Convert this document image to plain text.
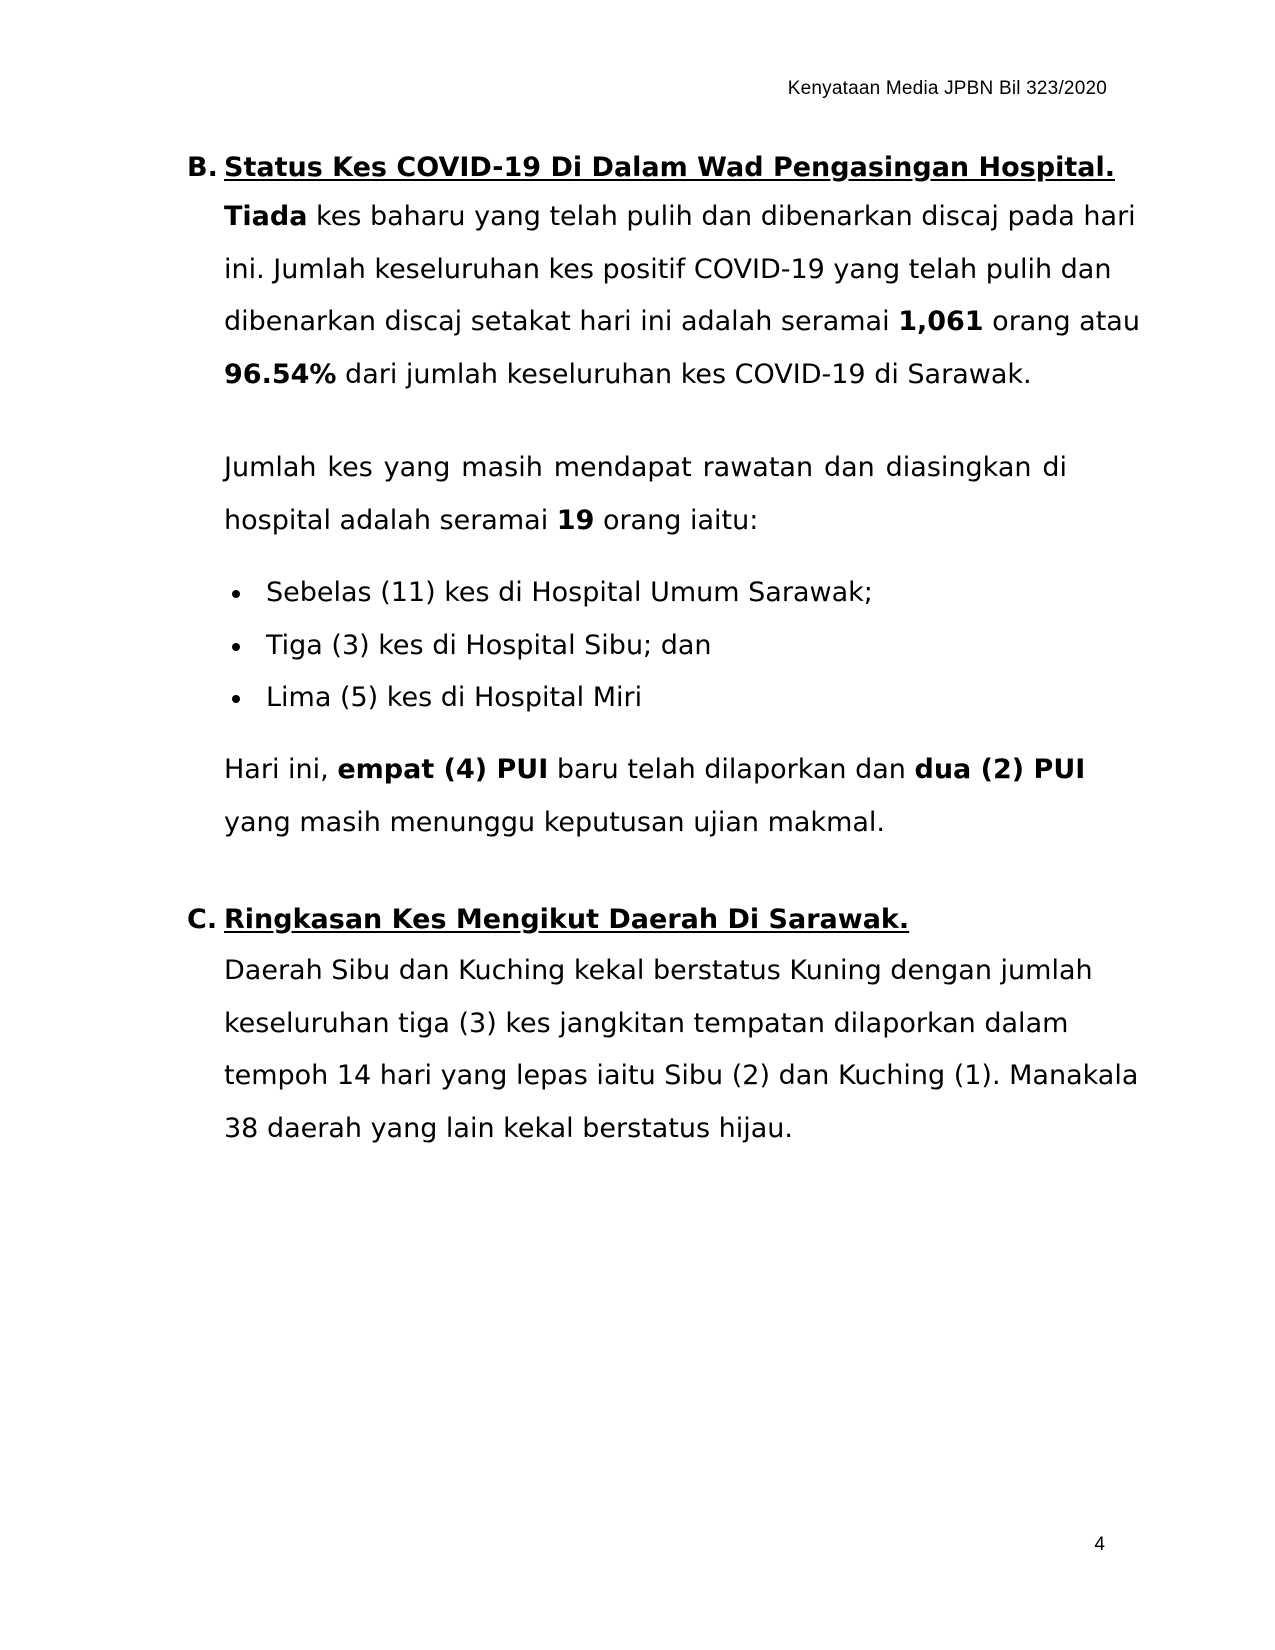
Kenyataan Media JPBN Bil 323/2020
B. Status Kes COVID-19 Di Dalam Wad Pengasingan Hospital.
Tiada kes baharu yang telah pulih dan dibenarkan discaj pada hari
ini. Jumlah keseluruhan kes positif COVID-19 yang telah pulih dan
dibenarkan discaj setakat hari ini adalah seramai 1,061 orang atau
96.54% dari jumlah keseluruhan kes COVID-19 di Sarawak.
Jumlah kes yang masih mendapat rawatan dan diasingkan di
hospital adalah seramai 19 orang iaitu:
Sebelas (11) kes di Hospital Umum Sarawak;
Tiga (3) kes di Hospital Sibu; dan
Lima (5) kes di Hospital Miri
Hari ini, empat (4) PUI baru telah dilaporkan dan dua (2) PUI
yang masih menunggu keputusan ujian makmal.
C. Ringkasan Kes Mengikut Daerah Di Sarawak.
Daerah Sibu dan Kuching kekal berstatus Kuning dengan jumlah
keseluruhan tiga (3) kes jangkitan tempatan dilaporkan dalam
tempoh 14 hari yang lepas iaitu Sibu (2) dan Kuching (1). Manakala
38 daerah yang lain kekal berstatus hijau.
4
